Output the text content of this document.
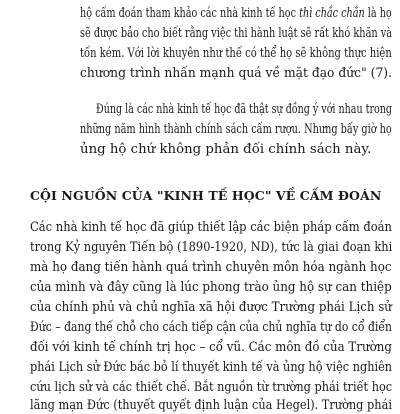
hộ cấm đoán tham khảo các nhà kinh tế học thì chắc chắn là họ
sẽ được bảo cho biết rằng việc thi hành luật sẽ rất khó khăn và
tốn kém. Với lời khuyên như thế có thể họ sẽ không thực hiện
chương trình nhấn mạnh quá về mặt đạo đức" (7).
Đúng là các nhà kinh tế học đã thật sự đồng ý với nhau trong
những năm hình thành chính sách cấm rượu. Nhưng bấy giờ họ
ủng hộ chứ không phản đối chính sách này.
CỘI NGUỒN CỦA "KINH TẾ HỌC" VỀ CẤM ĐOÁN
Các nhà kinh tế học đã giúp thiết lập các biện pháp cấm đoán
trong Kỷ nguyên Tiến bộ (1890-1920, ND), tức là giai đoạn khi
mà họ đang tiến hành quá trình chuyên môn hóa ngành học
của mình và đây cũng là lúc phong trào ủng hộ sự can thiệp
của chính phủ và chủ nghĩa xã hội được Trường phái Lịch sử
Đức – đang thế chỗ cho cách tiếp cận của chủ nghĩa tự do cổ điển
đối với kinh tế chính trị học – cổ vũ. Các môn đồ của Trường
phái Lịch sử Đức bác bỏ lí thuyết kinh tế và ủng hộ việc nghiên
cứu lịch sử và các thiết chế. Bắt nguồn từ trường phái triết học
lãng mạn Đức (thuyết quyết định luận của Hegel). Trường phái
